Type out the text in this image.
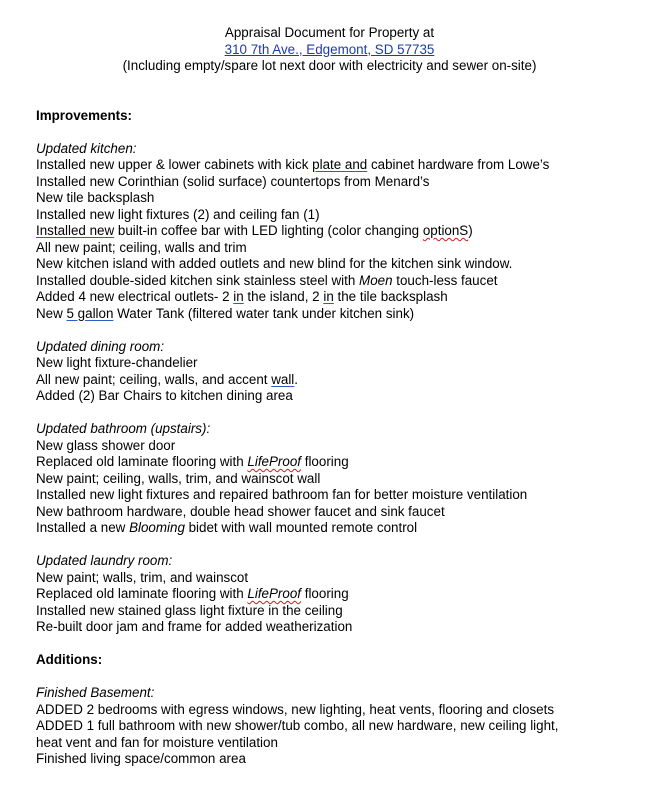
Appraisal Document for Property at
310 7th Ave., Edgemont, SD 57735
(Including empty/spare lot next door with electricity and sewer on-site)
Improvements:
Updated kitchen:
Installed new upper & lower cabinets with kick plate and cabinet hardware from Lowe’s
Installed new Corinthian (solid surface) countertops from Menard’s
New tile backsplash
Installed new light fixtures (2) and ceiling fan (1)
Installed new built-in coffee bar with LED lighting (color changing optionS)
All new paint; ceiling, walls and trim
New kitchen island with added outlets and new blind for the kitchen sink window.
Installed double-sided kitchen sink stainless steel with Moen touch-less faucet
Added 4 new electrical outlets- 2 in the island, 2 in the tile backsplash
New 5 gallon Water Tank (filtered water tank under kitchen sink)
Updated dining room:
New light fixture-chandelier
All new paint; ceiling, walls, and accent wall.
Added (2) Bar Chairs to kitchen dining area
Updated bathroom (upstairs):
New glass shower door
Replaced old laminate flooring with LifeProof flooring
New paint; ceiling, walls, trim, and wainscot wall
Installed new light fixtures and repaired bathroom fan for better moisture ventilation
New bathroom hardware, double head shower faucet and sink faucet
Installed a new Blooming bidet with wall mounted remote control
Updated laundry room:
New paint; walls, trim, and wainscot
Replaced old laminate flooring with LifeProof flooring
Installed new stained glass light fixture in the ceiling
Re-built door jam and frame for added weatherization
Additions:
Finished Basement:
ADDED 2 bedrooms with egress windows, new lighting, heat vents, flooring and closets
ADDED 1 full bathroom with new shower/tub combo, all new hardware, new ceiling light, heat vent and fan for moisture ventilation
Finished living space/common area
